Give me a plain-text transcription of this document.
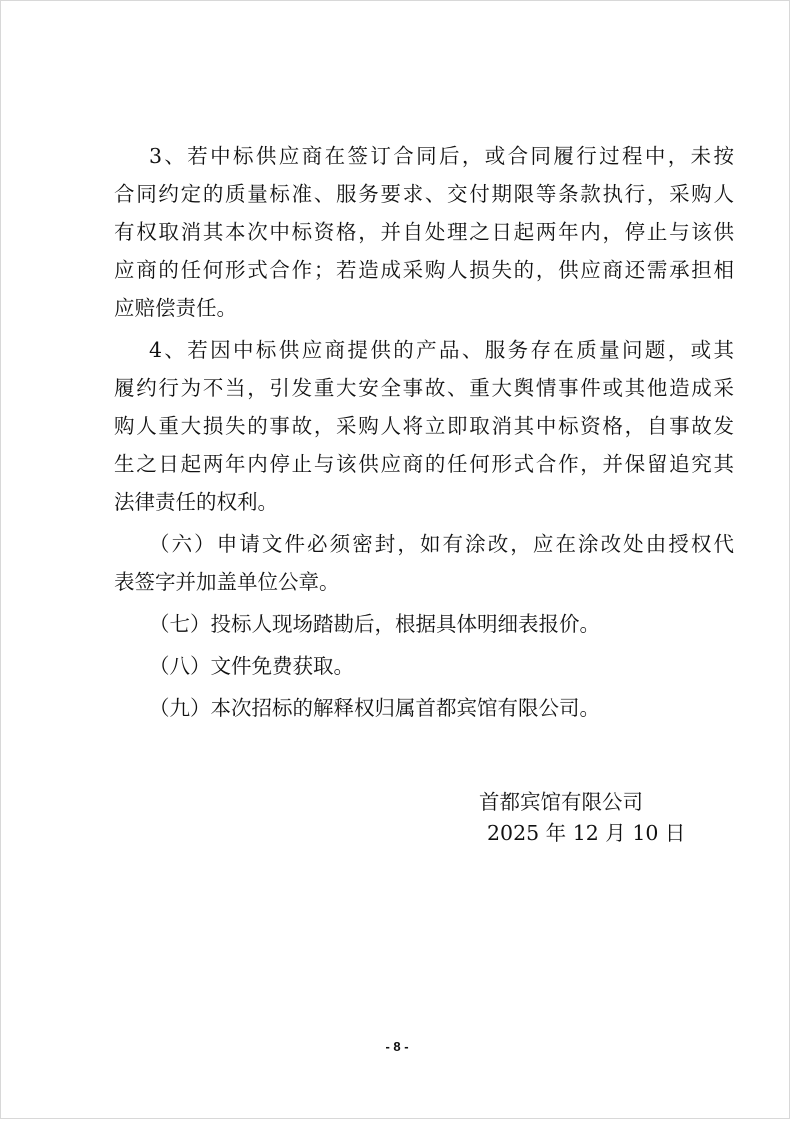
3、若中标供应商在签订合同后，或合同履行过程中，未按
合同约定的质量标准、服务要求、交付期限等条款执行，采购人
有权取消其本次中标资格，并自处理之日起两年内，停止与该供
应商的任何形式合作；若造成采购人损失的，供应商还需承担相
应赔偿责任。

4、若因中标供应商提供的产品、服务存在质量问题，或其
履约行为不当，引发重大安全事故、重大舆情事件或其他造成采
购人重大损失的事故，采购人将立即取消其中标资格，自事故发
生之日起两年内停止与该供应商的任何形式合作，并保留追究其
法律责任的权利。

（六）申请文件必须密封，如有涂改，应在涂改处由授权代
表签字并加盖单位公章。

（七）投标人现场踏勘后，根据具体明细表报价。

（八）文件免费获取。

（九）本次招标的解释权归属首都宾馆有限公司。

首都宾馆有限公司
2025 年 12 月 10 日
- 8 -
